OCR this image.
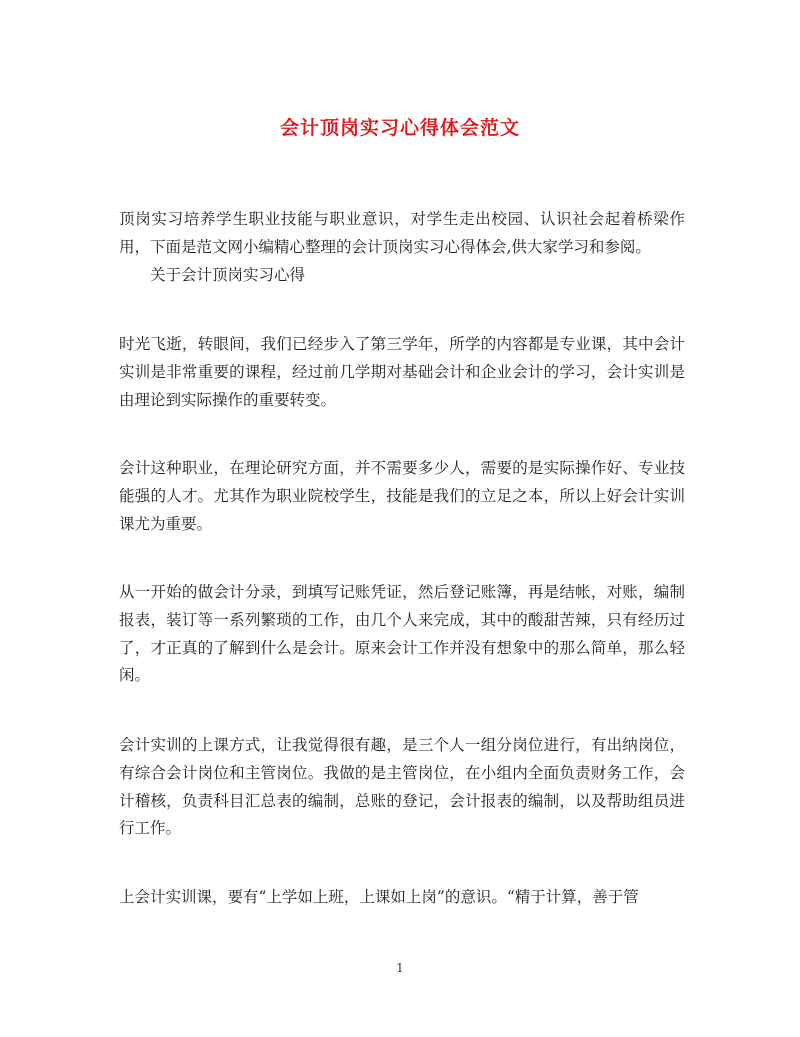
会计顶岗实习心得体会范文

顶岗实习培养学生职业技能与职业意识，对学生走出校园、认识社会起着桥梁作用，下面是范文网小编精心整理的会计顶岗实习心得体会,供大家学习和参阅。

关于会计顶岗实习心得

时光飞逝，转眼间，我们已经步入了第三学年，所学的内容都是专业课，其中会计实训是非常重要的课程，经过前几学期对基础会计和企业会计的学习，会计实训是由理论到实际操作的重要转变。

会计这种职业，在理论研究方面，并不需要多少人，需要的是实际操作好、专业技能强的人才。尤其作为职业院校学生，技能是我们的立足之本，所以上好会计实训课尤为重要。

从一开始的做会计分录，到填写记账凭证，然后登记账簿，再是结帐，对账，编制报表，装订等一系列繁琐的工作，由几个人来完成，其中的酸甜苦辣，只有经历过了，才正真的了解到什么是会计。原来会计工作并没有想象中的那么简单，那么轻闲。

会计实训的上课方式，让我觉得很有趣，是三个人一组分岗位进行，有出纳岗位，有综合会计岗位和主管岗位。我做的是主管岗位，在小组内全面负责财务工作，会计稽核，负责科目汇总表的编制，总账的登记，会计报表的编制，以及帮助组员进行工作。

上会计实训课，要有“上学如上班，上课如上岗”的意识。“精于计算，善于管

1
